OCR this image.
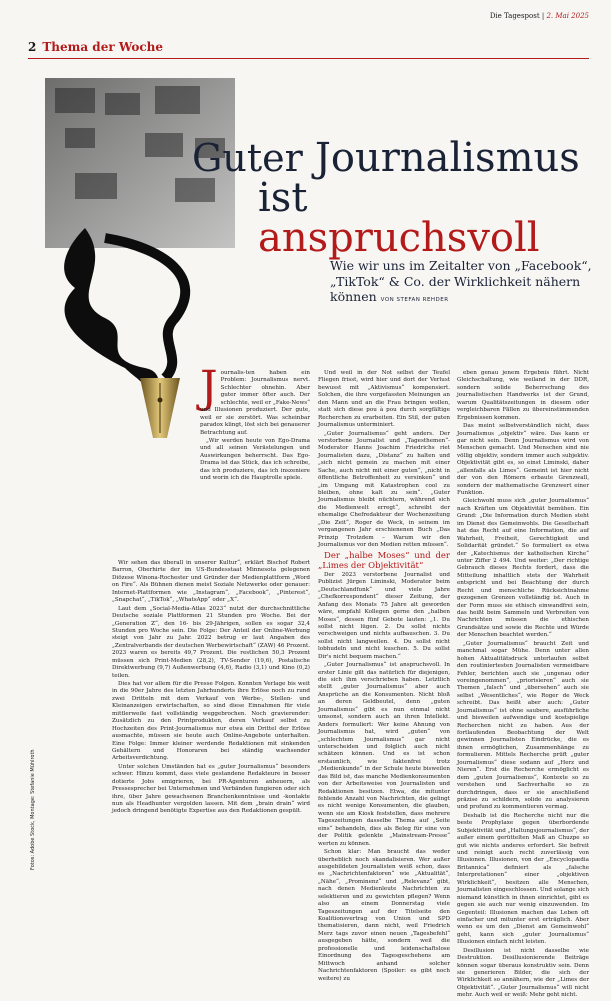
Die Tagespost | 2. Mai 2025
2 Thema der Woche
Guter Journalismus
ist anspruchsvoll
Wie wir uns im Zeitalter von „Facebook“, „TikTok“ & Co. der Wirklichkeit nähern können VON STEFAN REHDER

Journalis-ten haben ein Problem: Journalismus nervt. Schlechter ohnehin. Aber guter immer öfter auch. Der schlechte, weil er „Fake-News“ und Illusionen produziert. Der gute, weil er sie zerstört. Was scheinbar paradox klingt, löst sich bei genauerer Betrachtung auf.

„Wir werden heute von Ego-Drama und all seinen Verästelungen und Auswirkungen beherrscht. Das Ego-Drama ist das Stück, das ich schreibe, das ich produziere, das ich inszeniere und worin ich die Hauptrolle spiele.

Wir sehen das überall in unserer Kultur“, erklärt Bischof Robert Barron, Oberhirte der im US-Bundesstaat Minnesota gelegenen Diözese Winona-Rochester und Gründer der Medienplattform „Word on Fire“. Als Bühnen dienen meist Soziale Netzwerke oder genauer: Internet-Plattformen wie „Instagram“, „Facebook“, „Pinterest“, „Snapchat“, „TikTok“, „WhatsApp“ oder „X“.

Laut dem „Social-Media-Atlas 2023“ nutzt der durchschnittliche Deutsche soziale Plattformen 21 Stunden pro Woche. Bei der „Generation Z“, den 16- bis 29-Jährigen, sollen es sogar 32,4 Stunden pro Woche sein. Die Folge: Der Anteil der Online-Werbung steigt von Jahr zu Jahr. 2022 betrug er laut Angaben des „Zentralverbands der deutschen Werbewirtschaft“ (ZAW) 46 Prozent. 2023 waren es bereits 49,7 Prozent. Die restlichen 50,3 Prozent müssen sich Print-Medien (28,2), TV-Sender (19,6), Postalische Direktwerbung (9,7) Außenwerbung (4,6), Radio (3,1) und Kino (0,2) teilen.

Dies hat vor allem für die Presse Folgen. Konnten Verlage bis weit in die 90er Jahre des letzten Jahrhunderts ihre Erlöse noch zu rund zwei Dritteln mit dem Verkauf von Werbe-, Stellen- und Kleinanzeigen erwirtschaften, so sind diese Einnahmen für viele mittlerweile fast vollständig weggebrochen. Noch gravierender: Zusätzlich zu den Printprodukten, deren Verkauf selbst zu Hochzeiten des Print-Journalismus nur etwa ein Drittel der Erlöse ausmachte, müssen sie heute auch Online-Angebote unterhalten. Eine Folge: Immer kleiner werdende Redaktionen mit sinkenden Gehältern und Honoraren bei ständig wachsender Arbeitsverdichtung.

Unter solchen Umständen hat es „guter Journalismus“ besonders schwer. Hinzu kommt, dass viele gestandene Redakteure in besser dotierte Jobs emigrieren, bei PR-Agenturen anheuern, als Pressesprecher bei Unternehmen und Verbänden fungieren oder sich ihre, über Jahre gewachsenen Branchenkenntnisse und -kontakte nun als Headhunter vergolden lassen. Mit dem „brain drain“ wird jedoch dringend benötigte Expertise aus den Redaktionen gespült.

Und weil in der Not selbst der Teufel Fliegen frisst, wird hier und dort der Verlust bewusst mit „Aktivismus“ kompensiert. Solchen, die ihre vorgefassten Meinungen an den Mann und an die Frau bringen wollen, statt sich diese pou à pou durch sorgfältige Recherchen zu erarbeiten. Ein Stil, der guten Journalismus unterminiert.

„Guter Journalismus“ geht anders. Der verstorbene Journalist und „Tagesthemen“-Moderator Hanns Joachim Friedrichs riet Journalisten dazu, „Distanz“ zu halten und „sich nicht gemein zu machen mit einer Sache, auch nicht mit einer guten“, „nicht in öffentliche Betroffenheit zu versinken“ und „im Umgang mit Katastrophen cool zu bleiben, ohne kalt zu sein“. „Guter Journalismus bleibt nüchtern, während sich die Medienwelt erregt“, schreibt der ehemalige Chefredakteur der Wochenzeitung „Die Zeit“, Roger de Weck, in seinem im vergangenen Jahr erschienenen Buch „Das Prinzip Trotzdem – Warum wir den Journalismus vor den Medien retten müssen“.

Der „halbe Moses“ und der „Limes der Objektivität“

Der 2023 verstorbene Journalist und Publizist Jürgen Liminski, Moderator beim „Deutschlandfunk“ und viele Jahre „Chefkorrespondent“ dieser Zeitung, der Anfang des Monats 75 Jahre alt geworden wäre, empfahl Kollegen gerne den „halben Moses“, dessen fünf Gebote lauten: „1. Du sollst nicht lügen. 2. Du sollst nichts verschweigen und nichts aufbauschen. 3. Du sollst nicht langweilen. 4. Du sollst nicht lobhudeln und nicht kuschen. 5. Du sollst Dir's nicht bequem machen.“

„Guter Journalismus“ ist anspruchsvoll. In erster Linie gilt das natürlich für diejenigen, die sich ihm verschrieben haben. Letztlich stellt „guter Journalismus“ aber auch Ansprüche an die Konsumenten. Nicht bloß an deren Geldbeutel, denn „guten Journalismus“ gibt es nun einmal nicht umsonst, sondern auch an ihren Intellekt. Anders formuliert: Wer keine Ahnung von Journalismus hat, wird „guten“ von „schlechtem Journalismus“ gar nicht unterscheiden und folglich auch nicht schätzen können. Und es ist schon erstaunlich, wie faktenfrei trotz „Medienkunde“ in der Schule heute bisweilen das Bild ist, das manche Medienkonsumenten von der Arbeitsweise von Journalisten und Redaktionen besitzen. Etwa, die mitunter fehlende Anzahl von Nachrichten, die gelingt es nicht wenige Konsumenten, die glauben, wenn sie am Kiosk feststellen, dass mehrere Tageszeitungen dasselbe Thema auf „Seite eins“ behandeln, dies als Beleg für eine von der Politik gelenkte „Mainstream-Presse“ werten zu können.

Schon klar: Man braucht das weder überheblich noch skandalisieren. Wer außer ausgebildeten Journalisten weiß schon, dass es „Nachrichtenfaktoren“ wie „Aktualität“, „Nähe“, „Prominenz“ und „Relevanz“ gibt, nach denen Medienleute Nachrichten zu selektieren und zu gewichten pflegen? Wenn also an einem Donnerstag viele Tageszeitungen auf der Titelseite den Koalitionsvertrag von Union und SPD thematisieren, dann nicht, weil Friedrich Merz tags zuvor einen neuen „Tagesbefehl“ ausgegeben hätte, sondern weil die professionelle und leidenschaftslose Einordnung des Tagesgeschehens am Mittwoch anhand solcher Nachrichtenfaktoren (Spoiler: es gibt noch weitere) zu

eben genau jenem Ergebnis führt. Nicht Gleichschaltung, wie weiland in der DDR, sondern solide Beherrschung des journalistischen Handwerks ist der Grund, warum Qualitätszeitungen in diesem oder vergleichbaren Fällen zu übereinstimmenden Ergebnissen kommen.

Das meint selbstverständlich nicht, dass Journalismus „objektiv“ wäre. Das kann er gar nicht sein. Denn Journalismus wird von Menschen gemacht. Und Menschen sind nie völlig objektiv, sondern immer auch subjektiv. Objektivität gibt es, so einst Liminski, daher „allenfalls als Limes“. Gemeint ist hier nicht der von den Römern erbaute Grenzwall, sondern der mathematische Grenzwert einer Funktion.

Gleichwohl muss sich „guter Journalismus“ nach Kräften um Objektivität bemühen. Ein Grund: „Die Information durch Medien steht im Dienst des Gemeinwohls. Die Gesellschaft hat das Recht auf eine Information, die auf Wahrheit, Freiheit, Gerechtigkeit und Solidarität gründet.“ So formuliert es etwa der „Katechismus der katholischen Kirche“ unter Ziffer 2 494. Und weiter: „Der richtige Gebrauch dieses Rechts fordert, dass die Mitteilung inhaltlich stets der Wahrheit entspricht und bei Beachtung der durch Recht und menschliche Rücksichtnahme gezogenen Grenzen vollständig ist. Auch in der Form muss sie ethisch einwandfrei sein, das heißt beim Sammeln und Verbreiten von Nachrichten müssen die ethischen Grundsätze und sowie die Rechte und Würde der Menschen beachtet werden.“

„Guter Journalismus“ braucht Zeit und manchmal sogar Mühe. Denn unter allen hohen Aktualitätsdruck unterlaufen selbst den routiniertesten Journalisten vermeidbare Fehler, berichten auch sie „ungenau oder voreingenommen“, „priorisieren“ auch sie Themen „falsch“ und „übersehen“ auch sie selbst „Wesentliches“, wie Roger de Weck schreibt. Das heißt aber auch: „Guter Journalismus“ ist ohne saubere, ausführliche und bisweilen aufwendige und kostspielige Recherchen nicht zu haben. Aus der fortlaufenden Beobachtung der Welt gewinnen Journalisten Eindrücke, die es ihnen ermöglichen, Zusammenhänge zu formulieren. Mittels Recherche prüft „guter Journalismus“ diese sodann auf „Herz und Nieren“. Erst die Recherche ermöglicht es dem „guten Journalismus“, Kontexte so zu verstehen und Sachverhalte so zu durchdringen, dass er sie anschließend präzise zu schildern, solide zu analysieren und profund zu kommentieren vermag.

Deshalb ist die Recherche nicht nur die beste Prophylaxe gegen überbordende Subjektivität und „Haltungsjournalismus“, der außer einem gerüttelten Maß an Chuzpe so gut wie nichts anderes erfordert. Sie befreit und reinigt auch recht zuverlässig von Illusionen. Illusionen, von der „Encyclopædia Britannica“ definiert als „falsche Interpretationen“ einer „objektiven Wirklichkeit“, besitzen alle Menschen, Journalisten eingeschlossen. Und solange sich niemand künstlich in ihnen einrichtet, gibt es gegen sie auch nur wenig einzuwenden. Im Gegenteil: Illusionen machen das Leben oft einfacher und mitunter erst erträglich. Aber wenn es um den „Dienst am Gemeinwohl“ geht, kann sich „guter Journalismus“ Illusionen einfach nicht leisten.

Desillusion ist nicht dasselbe wie Destruktion. Desillusionierende Beiträge können sogar überaus konstruktiv sein. Denn sie generieren Bilder, die sich der Wirklichkeit so annähern, wie der „Limes der Objektivität“. „Guter Journalismus“ will nicht mehr. Auch weil er weiß: Mehr geht nicht.

Fotos: Adobe Stock, Montage: Stefanie Mühlroth
